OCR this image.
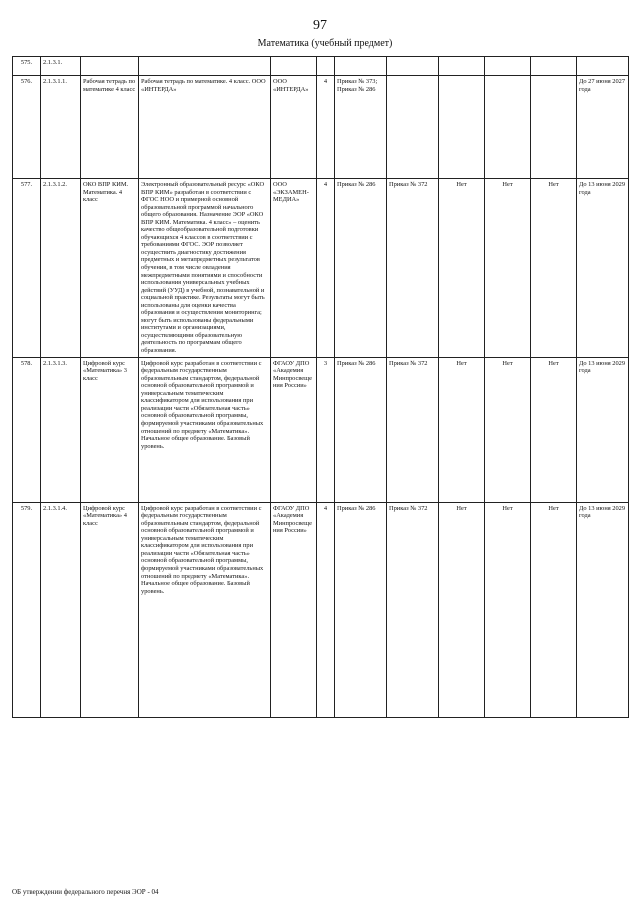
97
Математика (учебный предмет)
575.	2.1.3.1.										
576.	2.1.3.1.1.	Рабочая тетрадь по математике 4 класс	Рабочая тетрадь по математике. 4 класс. ООО «ИНТЕРДА»	ООО «ИНТЕРДА»	4	Приказ № 373; Приказ № 286					До 27 июня 2027 года
577.	2.1.3.1.2.	ОКО ВПР КИМ. Математика. 4 класс	Электронный образовательный ресурс «ОКО ВПР КИМ» разработан в соответствии с ФГОС НОО и примерной основной образовательной программой начального общего образования. Назначение ЭОР «ОКО ВПР КИМ. Математика. 4 класс» – оценить качество общеобразовательной подготовки обучающихся 4 классов в соответствии с требованиями ФГОС. ЭОР позволяет осуществить диагностику достижения предметных и метапредметных результатов обучения, в том числе овладения межпредметными понятиями и способности использования универсальных учебных действий (УУД) в учебной, познавательной и социальной практике. Результаты могут быть использованы для оценки качества образования и осуществления мониторинга; могут быть использованы федеральными институтами и организациями, осуществляющими образовательную деятельность по программам общего образования.	ООО «ЭКЗАМЕН-МЕДИА»	4	Приказ № 286	Приказ № 372	Нет	Нет	Нет	До 13 июня 2029 года
578.	2.1.3.1.3.	Цифровой курс «Математика» 3 класс	Цифровой курс разработан в соответствии с федеральным государственным образовательным стандартом, федеральной основной образовательной программой и универсальным тематическим классификатором для использования при реализации части «Обязательная часть» основной образовательной программы, формируемой участниками образовательных отношений по предмету «Математика». Начальное общее образование. Базовый уровень.	ФГАОУ ДПО «Академия Минпросвещения России»	3	Приказ № 286	Приказ № 372	Нет	Нет	Нет	До 13 июня 2029 года
579.	2.1.3.1.4.	Цифровой курс «Математика» 4 класс	Цифровой курс разработан в соответствии с федеральным государственным образовательным стандартом, федеральной основной образовательной программой и универсальным тематическим классификатором для использования при реализации части «Обязательная часть» основной образовательной программы, формируемой участниками образовательных отношений по предмету «Математика». Начальное общее образование. Базовый уровень.	ФГАОУ ДПО «Академия Минпросвещения России»	4	Приказ № 286	Приказ № 372	Нет	Нет	Нет	До 13 июня 2029 года
ОБ утверждении федерального перечня ЭОР - 04
